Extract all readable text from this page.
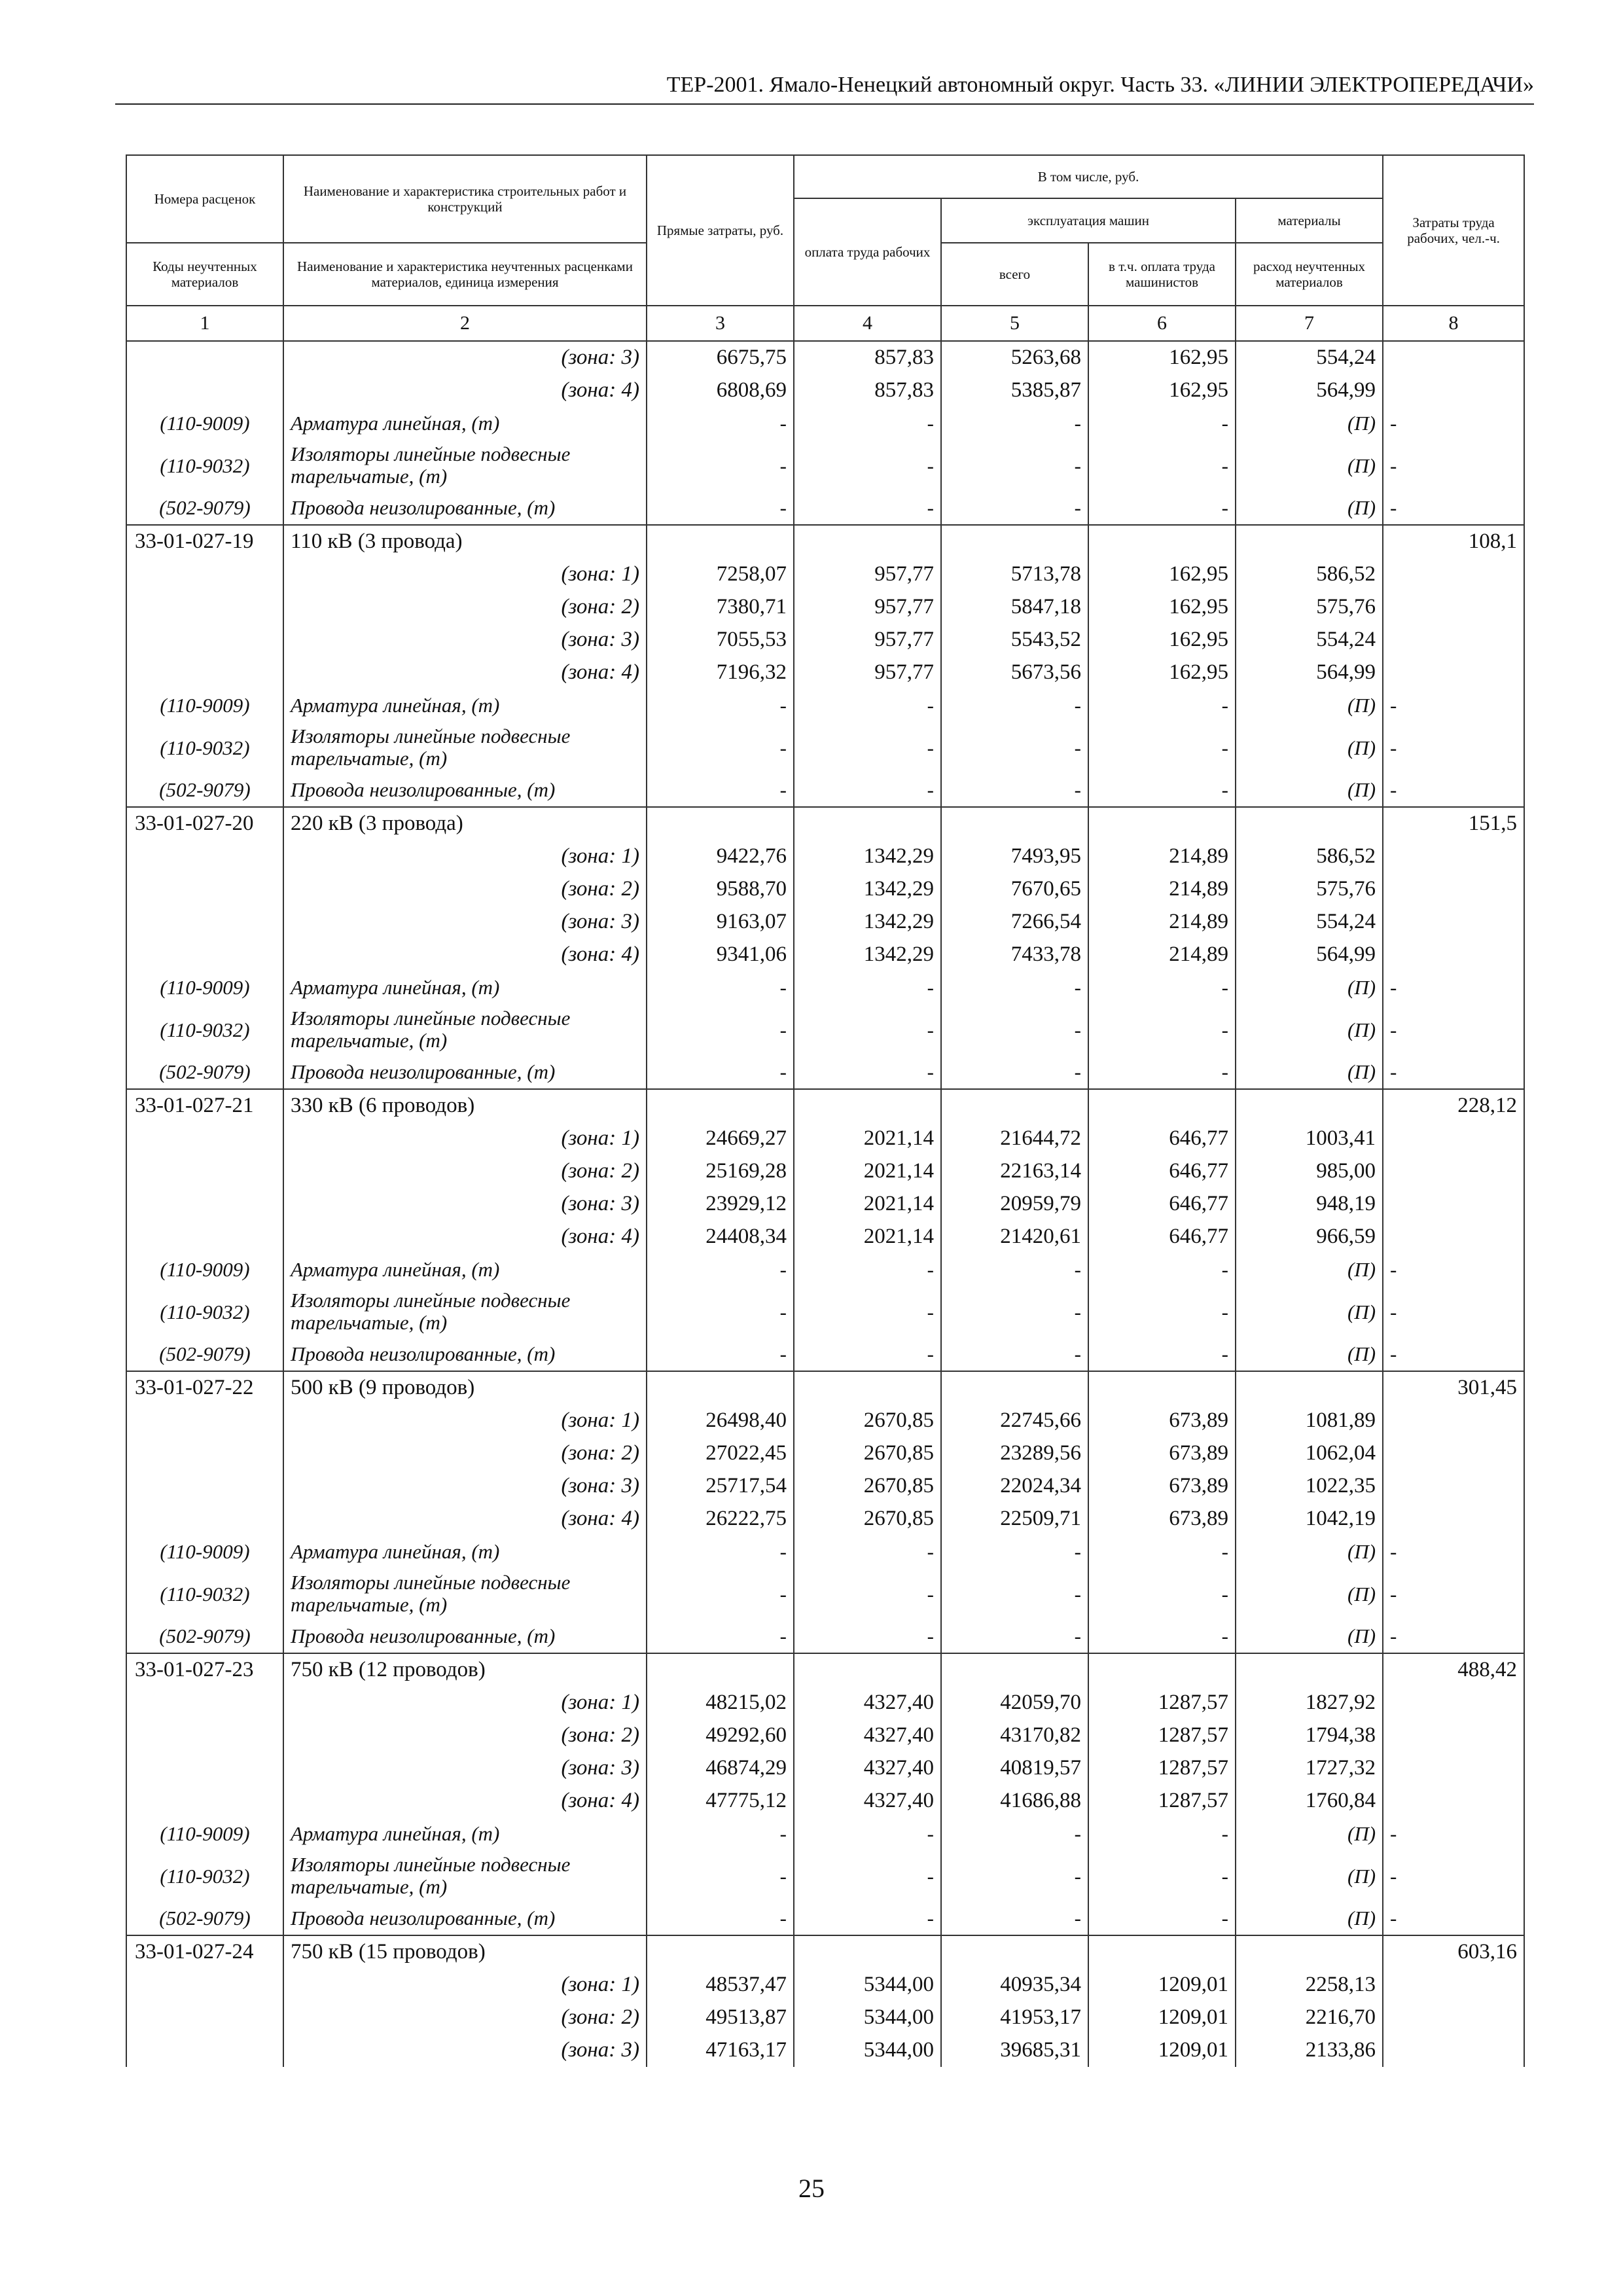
ТЕР-2001. Ямало-Ненецкий автономный округ. Часть 33. «ЛИНИИ ЭЛЕКТРОПЕРЕДАЧИ»
Номера расценок	Наименование и характеристика строительных работ и конструкций	Прямые затраты, руб.	В том числе, руб.				Затраты труда рабочих, чел.-ч.
			оплата труда рабочих	эксплуатация машин		материалы	
Коды неучтенных материалов	Наименование и характеристика неучтенных расценками материалов, единица измерения			всего	в т.ч. оплата труда машинистов	расход неучтенных материалов	
1	2	3	4	5	6	7	8
	(зона: 3)	6675,75	857,83	5263,68	162,95	554,24	
	(зона: 4)	6808,69	857,83	5385,87	162,95	564,99	
(110-9009)	Арматура линейная, (т)	-	-	-	-	(П)	-
(110-9032)	Изоляторы линейные подвесные тарельчатые, (т)	-	-	-	-	(П)	-
(502-9079)	Провода неизолированные, (т)	-	-	-	-	(П)	-
33-01-027-19	110 кВ (3 провода)						108,1
	(зона: 1)	7258,07	957,77	5713,78	162,95	586,52	
	(зона: 2)	7380,71	957,77	5847,18	162,95	575,76	
	(зона: 3)	7055,53	957,77	5543,52	162,95	554,24	
	(зона: 4)	7196,32	957,77	5673,56	162,95	564,99	
(110-9009)	Арматура линейная, (т)	-	-	-	-	(П)	-
(110-9032)	Изоляторы линейные подвесные тарельчатые, (т)	-	-	-	-	(П)	-
(502-9079)	Провода неизолированные, (т)	-	-	-	-	(П)	-
33-01-027-20	220 кВ (3 провода)						151,5
	(зона: 1)	9422,76	1342,29	7493,95	214,89	586,52	
	(зона: 2)	9588,70	1342,29	7670,65	214,89	575,76	
	(зона: 3)	9163,07	1342,29	7266,54	214,89	554,24	
	(зона: 4)	9341,06	1342,29	7433,78	214,89	564,99	
(110-9009)	Арматура линейная, (т)	-	-	-	-	(П)	-
(110-9032)	Изоляторы линейные подвесные тарельчатые, (т)	-	-	-	-	(П)	-
(502-9079)	Провода неизолированные, (т)	-	-	-	-	(П)	-
33-01-027-21	330 кВ (6 проводов)						228,12
	(зона: 1)	24669,27	2021,14	21644,72	646,77	1003,41	
	(зона: 2)	25169,28	2021,14	22163,14	646,77	985,00	
	(зона: 3)	23929,12	2021,14	20959,79	646,77	948,19	
	(зона: 4)	24408,34	2021,14	21420,61	646,77	966,59	
(110-9009)	Арматура линейная, (т)	-	-	-	-	(П)	-
(110-9032)	Изоляторы линейные подвесные тарельчатые, (т)	-	-	-	-	(П)	-
(502-9079)	Провода неизолированные, (т)	-	-	-	-	(П)	-
33-01-027-22	500 кВ (9 проводов)						301,45
	(зона: 1)	26498,40	2670,85	22745,66	673,89	1081,89	
	(зона: 2)	27022,45	2670,85	23289,56	673,89	1062,04	
	(зона: 3)	25717,54	2670,85	22024,34	673,89	1022,35	
	(зона: 4)	26222,75	2670,85	22509,71	673,89	1042,19	
(110-9009)	Арматура линейная, (т)	-	-	-	-	(П)	-
(110-9032)	Изоляторы линейные подвесные тарельчатые, (т)	-	-	-	-	(П)	-
(502-9079)	Провода неизолированные, (т)	-	-	-	-	(П)	-
33-01-027-23	750 кВ (12 проводов)						488,42
	(зона: 1)	48215,02	4327,40	42059,70	1287,57	1827,92	
	(зона: 2)	49292,60	4327,40	43170,82	1287,57	1794,38	
	(зона: 3)	46874,29	4327,40	40819,57	1287,57	1727,32	
	(зона: 4)	47775,12	4327,40	41686,88	1287,57	1760,84	
(110-9009)	Арматура линейная, (т)	-	-	-	-	(П)	-
(110-9032)	Изоляторы линейные подвесные тарельчатые, (т)	-	-	-	-	(П)	-
(502-9079)	Провода неизолированные, (т)	-	-	-	-	(П)	-
33-01-027-24	750 кВ (15 проводов)						603,16
	(зона: 1)	48537,47	5344,00	40935,34	1209,01	2258,13	
	(зона: 2)	49513,87	5344,00	41953,17	1209,01	2216,70	
	(зона: 3)	47163,17	5344,00	39685,31	1209,01	2133,86	
25
